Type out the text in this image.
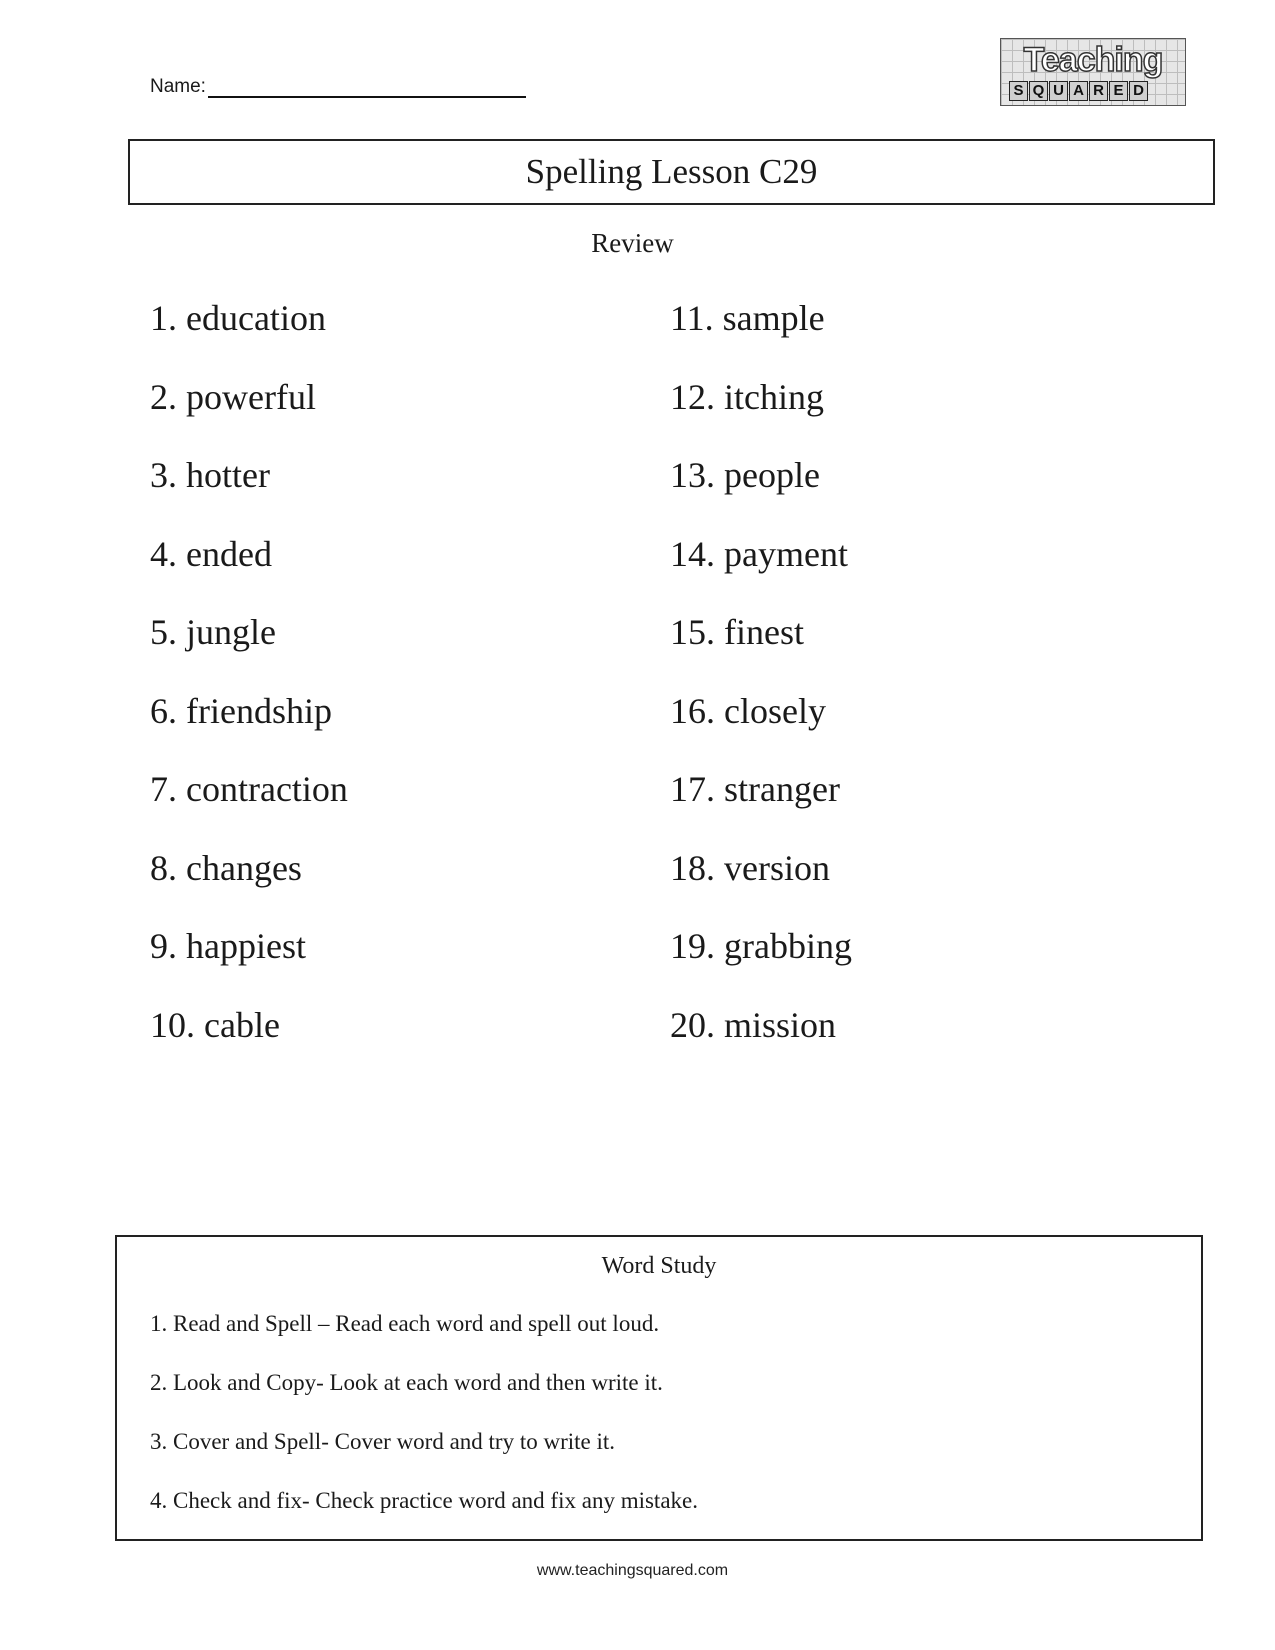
Name:
Teaching
S Q U A R E D
Spelling Lesson C29
Review
1. education
2. powerful
3. hotter
4. ended
5. jungle
6. friendship
7. contraction
8. changes
9. happiest
10. cable
11. sample
12. itching
13. people
14. payment
15. finest
16. closely
17. stranger
18. version
19. grabbing
20. mission
Word Study
1. Read and Spell – Read each word and spell out loud.
2. Look and Copy- Look at each word and then write it.
3. Cover and Spell- Cover word and try to write it.
4. Check and fix- Check practice word and fix any mistake.
www.teachingsquared.com
